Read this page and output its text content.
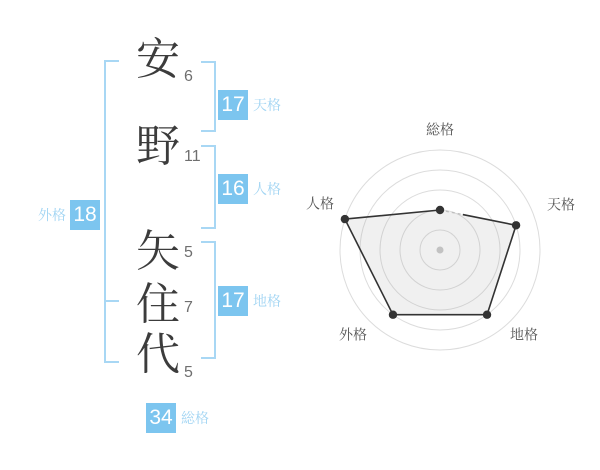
安
野
矢
住
代
6
11
5
7
5
17 天格
16 人格
17 地格
外格 18
34 総格
総格
天格
地格
外格
人格
